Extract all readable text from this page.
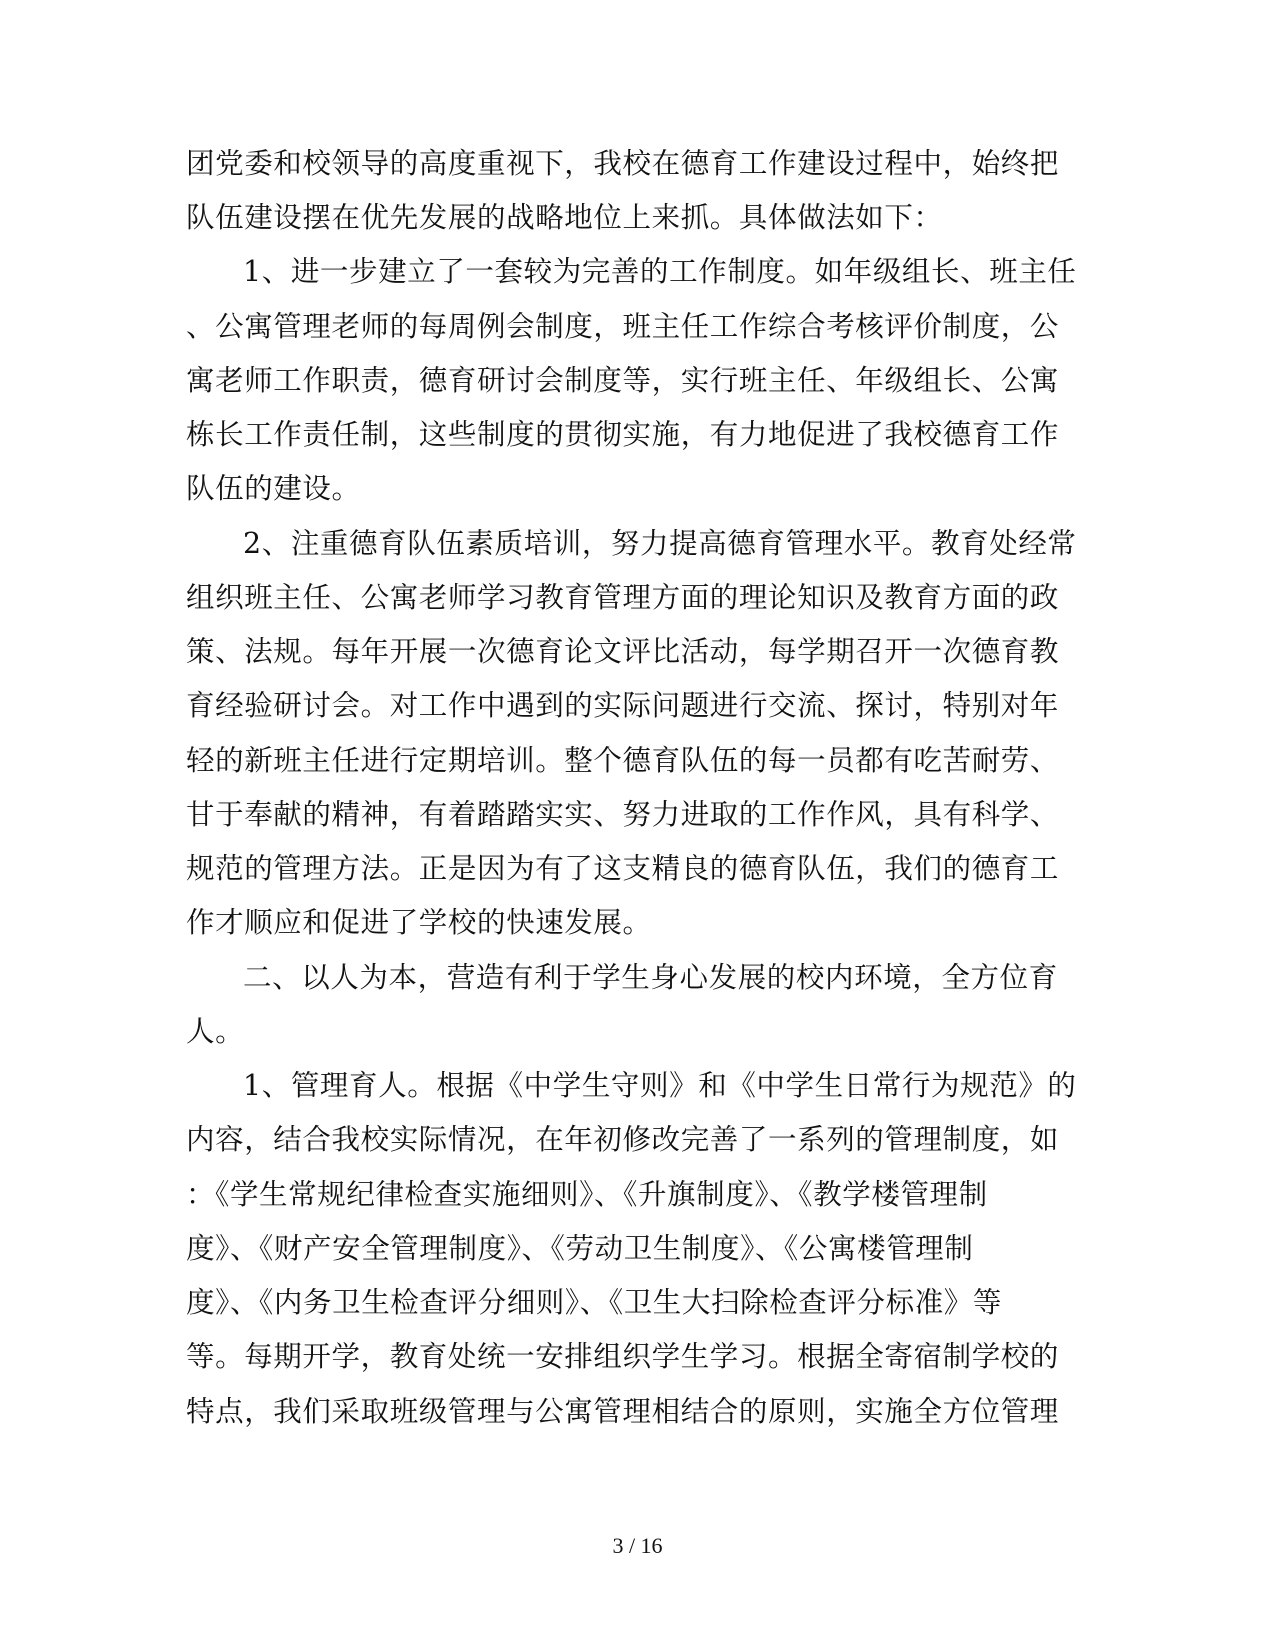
团党委和校领导的高度重视下，我校在德育工作建设过程中，始终把
队伍建设摆在优先发展的战略地位上来抓。具体做法如下：
1、进一步建立了一套较为完善的工作制度。如年级组长、班主任
、公寓管理老师的每周例会制度，班主任工作综合考核评价制度，公
寓老师工作职责，德育研讨会制度等，实行班主任、年级组长、公寓
栋长工作责任制，这些制度的贯彻实施，有力地促进了我校德育工作
队伍的建设。
2、注重德育队伍素质培训，努力提高德育管理水平。教育处经常
组织班主任、公寓老师学习教育管理方面的理论知识及教育方面的政
策、法规。每年开展一次德育论文评比活动，每学期召开一次德育教
育经验研讨会。对工作中遇到的实际问题进行交流、探讨，特别对年
轻的新班主任进行定期培训。整个德育队伍的每一员都有吃苦耐劳、
甘于奉献的精神，有着踏踏实实、努力进取的工作作风，具有科学、
规范的管理方法。正是因为有了这支精良的德育队伍，我们的德育工
作才顺应和促进了学校的快速发展。
二、以人为本，营造有利于学生身心发展的校内环境，全方位育
人。
1、管理育人。根据《中学生守则》和《中学生日常行为规范》的
内容，结合我校实际情况，在年初修改完善了一系列的管理制度，如
：《学生常规纪律检查实施细则》、《升旗制度》、《教学楼管理制
度》、《财产安全管理制度》、《劳动卫生制度》、《公寓楼管理制
度》、《内务卫生检查评分细则》、《卫生大扫除检查评分标准》等
等。每期开学，教育处统一安排组织学生学习。根据全寄宿制学校的
特点，我们采取班级管理与公寓管理相结合的原则，实施全方位管理
3 / 16
